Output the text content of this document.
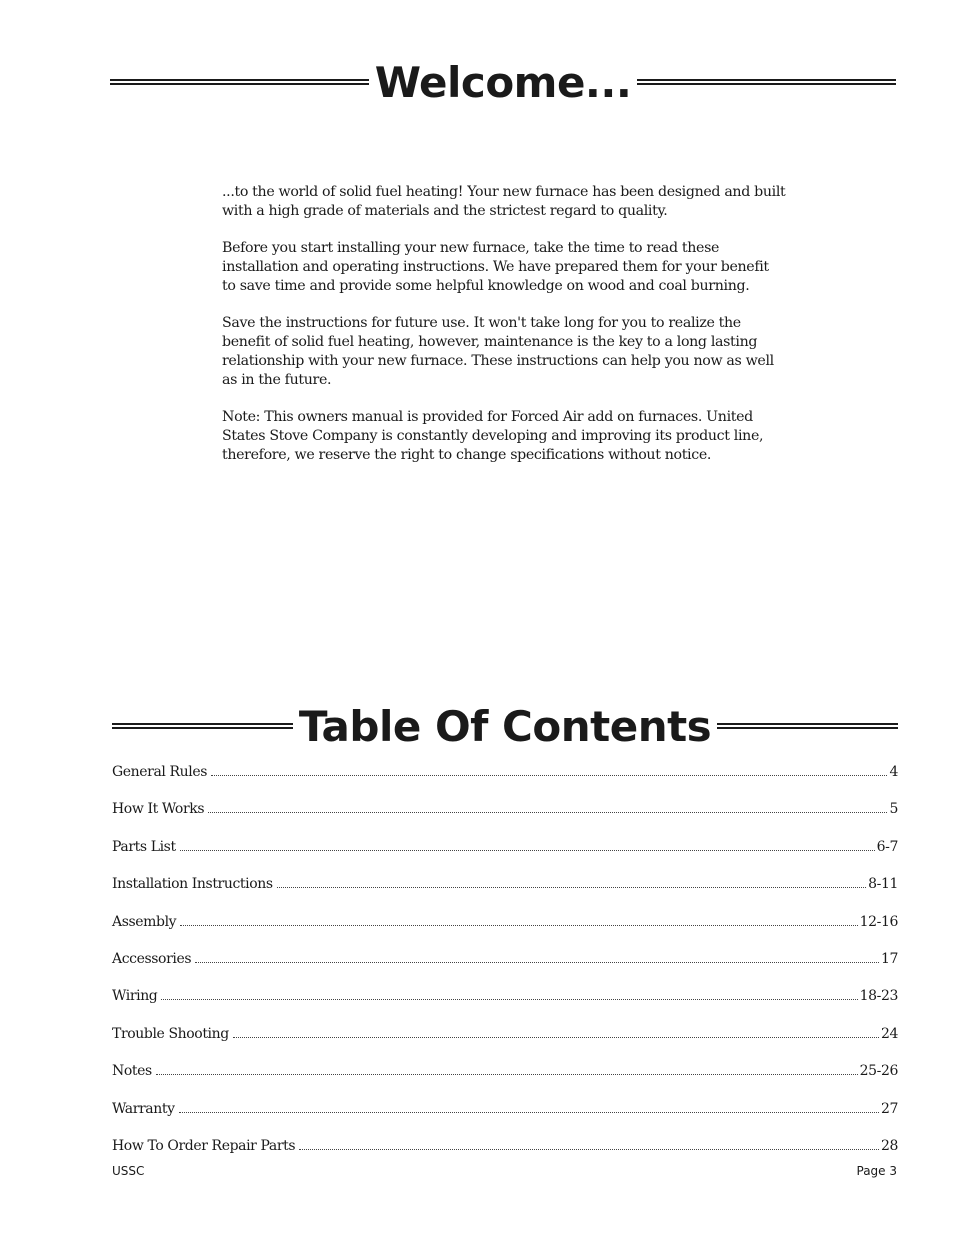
Welcome...

...to the world of solid fuel heating! Your new furnace has been designed and built with a high grade of materials and the strictest regard to quality.

Before you start installing your new furnace, take the time to read these installation and operating instructions. We have prepared them for your benefit to save time and provide some helpful knowledge on wood and coal burning.

Save the instructions for future use. It won't take long for you to realize the benefit of solid fuel heating, however, maintenance is the key to a long lasting relationship with your new furnace. These instructions can help you now as well as in the future.

Note: This owners manual is provided for Forced Air add on furnaces. United States Stove Company is constantly developing and improving its product line, therefore, we reserve the right to change specifications without notice.

Table Of Contents
General Rules	4
How It Works	5
Parts List	6-7
Installation Instructions	8-11
Assembly	12-16
Accessories	17
Wiring	18-23
Trouble Shooting	24
Notes	25-26
Warranty	27
How To Order Repair Parts	28
USSC	Page 3
